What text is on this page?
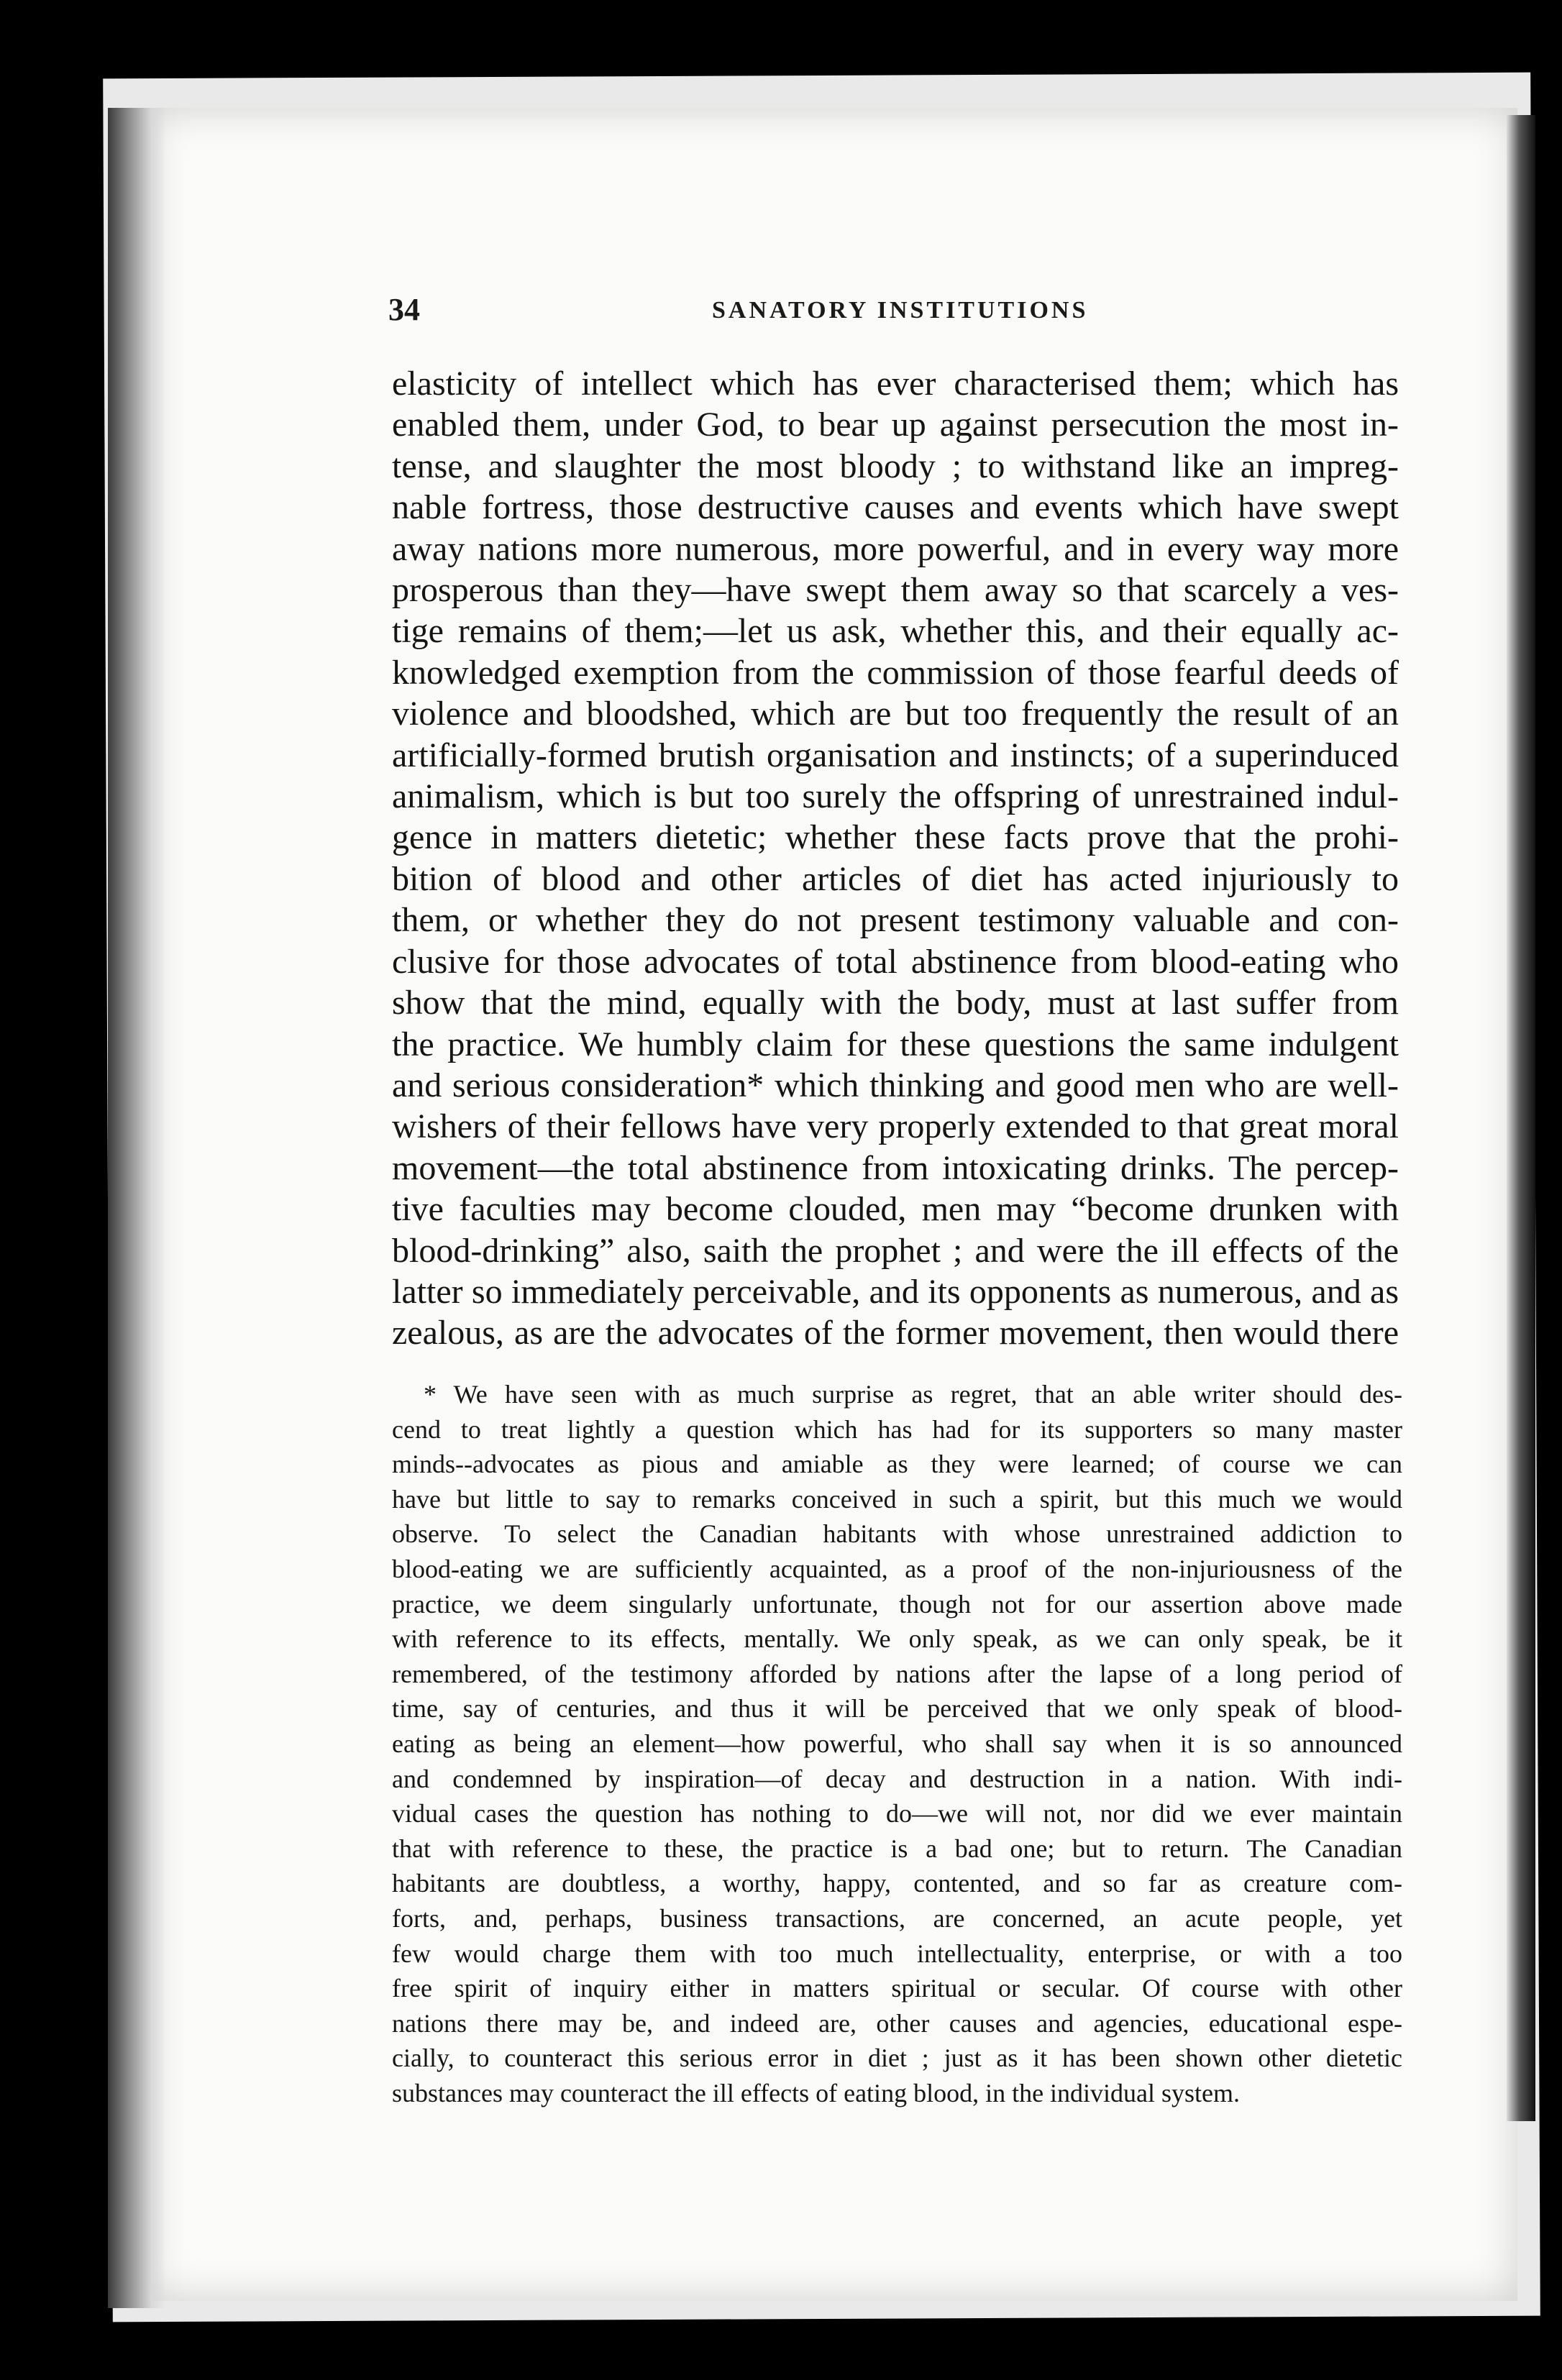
34	SANATORY INSTITUTIONS
elasticity of intellect which has ever characterised them; which has
enabled them, under God, to bear up against persecution the most in-
tense, and slaughter the most bloody ; to withstand like an impreg-
nable fortress, those destructive causes and events which have swept
away nations more numerous, more powerful, and in every way more
prosperous than they—have swept them away so that scarcely a ves-
tige remains of them;—let us ask, whether this, and their equally ac-
knowledged exemption from the commission of those fearful deeds of
violence and bloodshed, which are but too frequently the result of an
artificially-formed brutish organisation and instincts; of a superinduced
animalism, which is but too surely the offspring of unrestrained indul-
gence in matters dietetic; whether these facts prove that the prohi-
bition of blood and other articles of diet has acted injuriously to
them, or whether they do not present testimony valuable and con-
clusive for those advocates of total abstinence from blood-eating who
show that the mind, equally with the body, must at last suffer from
the practice. We humbly claim for these questions the same indulgent
and serious consideration* which thinking and good men who are well-
wishers of their fellows have very properly extended to that great moral
movement—the total abstinence from intoxicating drinks. The percep-
tive faculties may become clouded, men may “become drunken with
blood-drinking” also, saith the prophet ; and were the ill effects of the
latter so immediately perceivable, and its opponents as numerous, and as
zealous, as are the advocates of the former movement, then would there
* We have seen with as much surprise as regret, that an able writer should des-
cend to treat lightly a question which has had for its supporters so many master
minds--advocates as pious and amiable as they were learned; of course we can
have but little to say to remarks conceived in such a spirit, but this much we would
observe. To select the Canadian habitants with whose unrestrained addiction to
blood-eating we are sufficiently acquainted, as a proof of the non-injuriousness of the
practice, we deem singularly unfortunate, though not for our assertion above made
with reference to its effects, mentally. We only speak, as we can only speak, be it
remembered, of the testimony afforded by nations after the lapse of a long period of
time, say of centuries, and thus it will be perceived that we only speak of blood-
eating as being an element—how powerful, who shall say when it is so announced
and condemned by inspiration—of decay and destruction in a nation. With indi-
vidual cases the question has nothing to do—we will not, nor did we ever maintain
that with reference to these, the practice is a bad one; but to return. The Canadian
habitants are doubtless, a worthy, happy, contented, and so far as creature com-
forts, and, perhaps, business transactions, are concerned, an acute people, yet
few would charge them with too much intellectuality, enterprise, or with a too
free spirit of inquiry either in matters spiritual or secular. Of course with other
nations there may be, and indeed are, other causes and agencies, educational espe-
cially, to counteract this serious error in diet ; just as it has been shown other dietetic
substances may counteract the ill effects of eating blood, in the individual system.
